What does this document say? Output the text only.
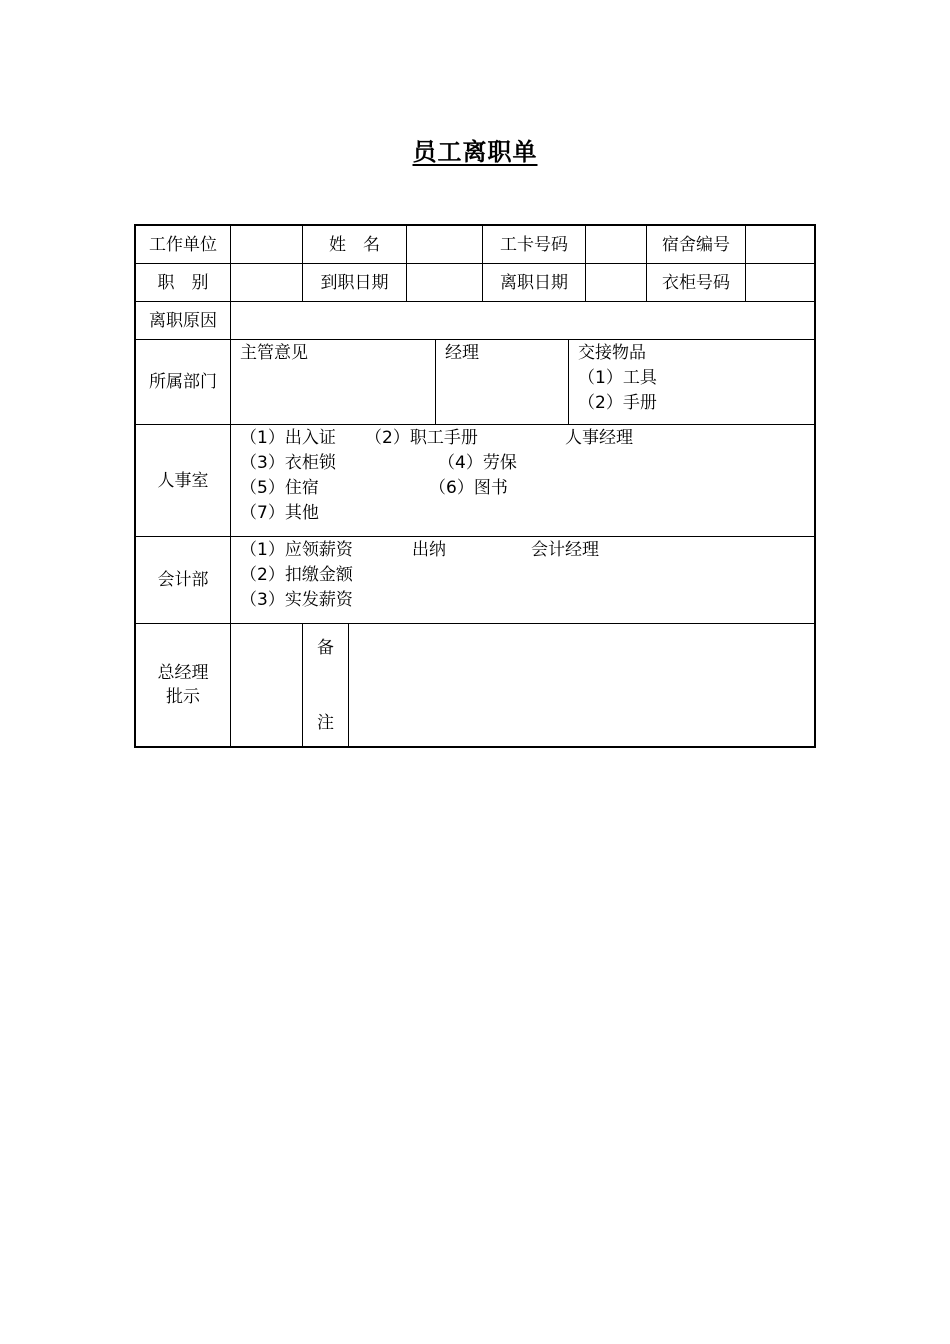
员工离职单
工作单位	姓　名	工卡号码	宿舍编号
职　别	到职日期	离职日期	衣柜号码
离职原因
所属部门
主管意见	经理	交接物品
（1）工具
（2）手册
人事室
（1）出入证 （2）职工手册	人事经理
（3）衣柜锁	（4）劳保
（5）住宿	（6）图书
（7）其他
会计部
（1）应领薪资	出纳	会计经理
（2）扣缴金额
（3）实发薪资
总经理
批示
备
注
